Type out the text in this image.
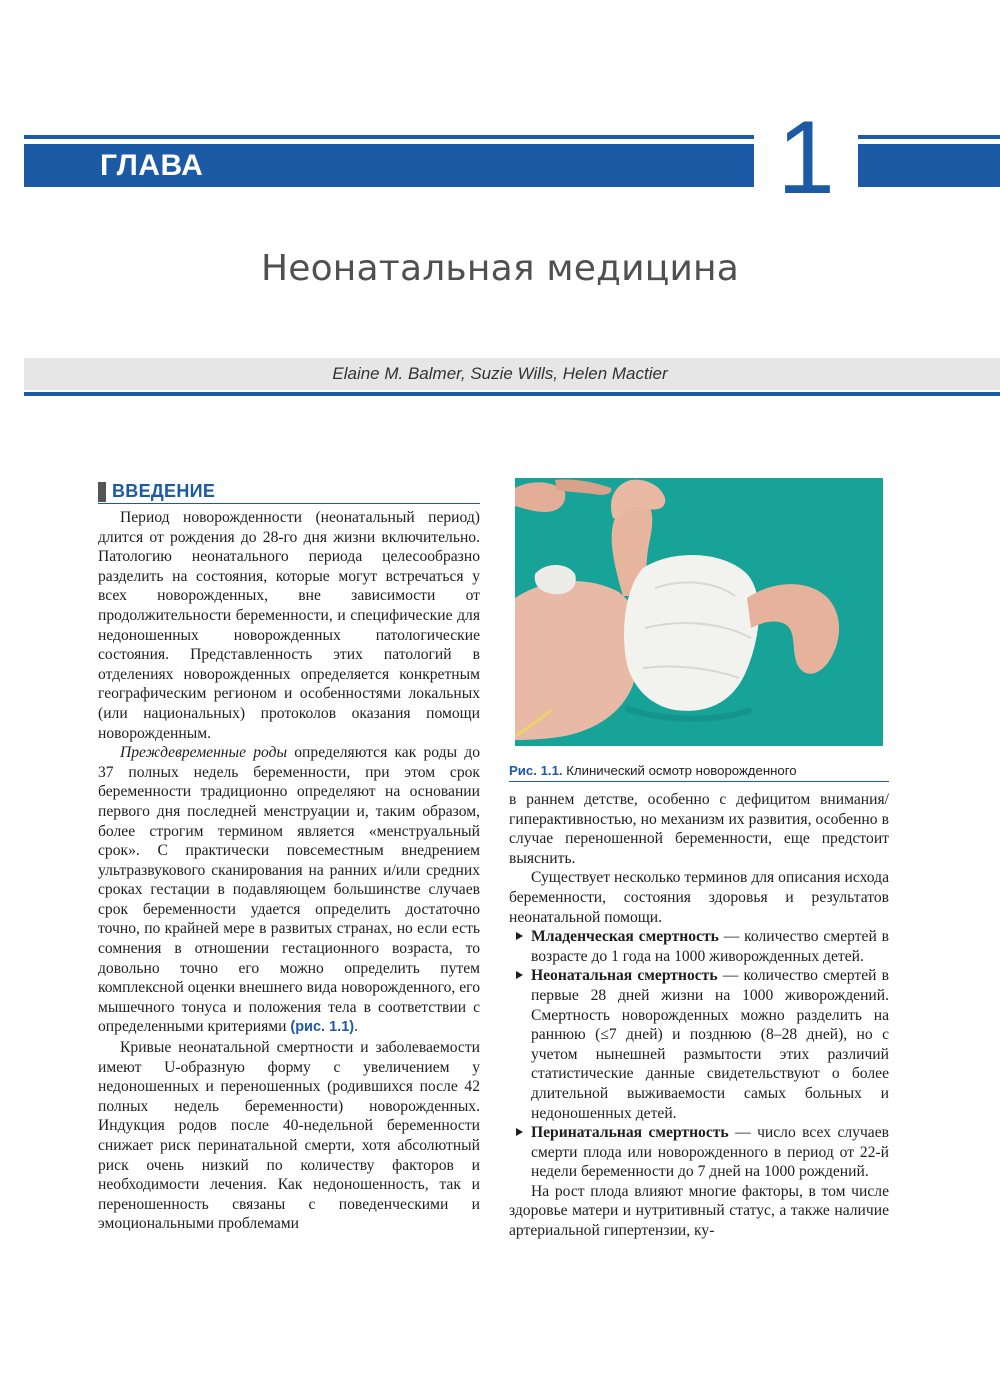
ГЛАВА	1
Неонатальная медицина
Elaine M. Balmer, Suzie Wills, Helen Mactier
ВВЕДЕНИЕ

Период новорожденности (неонатальный период) длится от рождения до 28-го дня жизни включительно. Патологию неонатального периода целесообразно разделить на состояния, которые могут встречаться у всех новорожденных, вне зависимости от продолжительности беременности, и специфические для недоношенных новорожденных патологические состояния. Представленность этих патологий в отделениях новорожденных определяется конкретным географическим регионом и особенностями локальных (или национальных) протоколов оказания помощи новорожденным.

Преждевременные роды определяются как роды до 37 полных недель беременности, при этом срок беременности традиционно определяют на основании первого дня последней менструации и, таким образом, более строгим термином является «менструальный срок». С практически повсеместным внедрением ультразвукового сканирования на ранних и/или средних сроках гестации в подавляющем большинстве случаев срок беременности удается определить достаточно точно, по крайней мере в развитых странах, но если есть сомнения в отношении гестационного возраста, то довольно точно его можно определить путем комплексной оценки внешнего вида новорожденного, его мышечного тонуса и положения тела в соответствии с определенными критериями (рис. 1.1).

Кривые неонатальной смертности и заболеваемости имеют U-образную форму с увеличением у недоношенных и переношенных (родившихся после 42 полных недель беременности) новорожденных. Индукция родов после 40-недельной беременности снижает риск перинатальной смерти, хотя абсолютный риск очень низкий по количеству факторов и необходимости лечения. Как недоношенность, так и переношенность связаны с поведенческими и эмоциональными проблемами

Рис. 1.1. Клинический осмотр новорожденного

в раннем детстве, особенно с дефицитом внимания/гиперактивностью, но механизм их развития, особенно в случае переношенной беременности, еще предстоит выяснить.

Существует несколько терминов для описания исхода беременности, состояния здоровья и результатов неонатальной помощи.

Младенческая смертность — количество смертей в возрасте до 1 года на 1000 живорожденных детей.
Неонатальная смертность — количество смертей в первые 28 дней жизни на 1000 живорождений. Смертность новорожденных можно разделить на раннюю (≤7 дней) и позднюю (8–28 дней), но с учетом нынешней размытости этих различий статистические данные свидетельствуют о более длительной выживаемости самых больных и недоношенных детей.
Перинатальная смертность — число всех случаев смерти плода или новорожденного в период от 22-й недели беременности до 7 дней на 1000 рождений.

На рост плода влияют многие факторы, в том числе здоровье матери и нутритивный статус, а также наличие артериальной гипертензии, ку-
